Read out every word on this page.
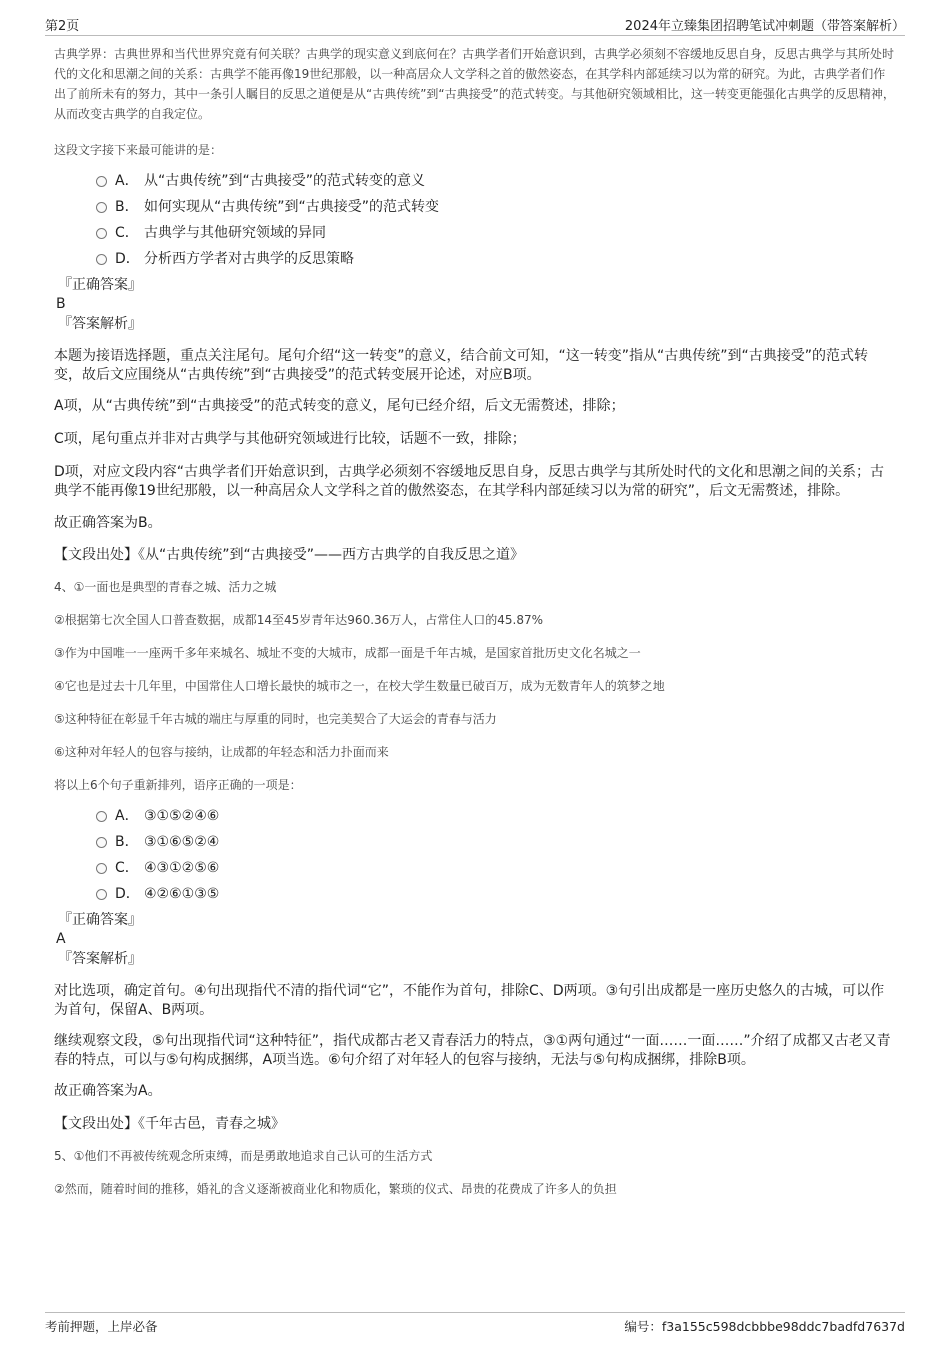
第2页	2024年立臻集团招聘笔试冲刺题（带答案解析）

古典学界：古典世界和当代世界究竟有何关联？古典学的现实意义到底何在？古典学者们开始意识到，古典学必须刻不容缓地反思自身，反思古典学与其所处时代的文化和思潮之间的关系：古典学不能再像19世纪那般，以一种高居众人文学科之首的傲然姿态，在其学科内部延续习以为常的研究。为此，古典学者们作出了前所未有的努力，其中一条引人瞩目的反思之道便是从“古典传统”到“古典接受”的范式转变。与其他研究领域相比，这一转变更能强化古典学的反思精神，从而改变古典学的自我定位。

这段文字接下来最可能讲的是：

A． 从“古典传统”到“古典接受”的范式转变的意义
B． 如何实现从“古典传统”到“古典接受”的范式转变
C． 古典学与其他研究领域的异同
D． 分析西方学者对古典学的反思策略

『正确答案』

B

『答案解析』

本题为接语选择题，重点关注尾句。尾句介绍“这一转变”的意义，结合前文可知，“这一转变”指从“古典传统”到“古典接受”的范式转变，故后文应围绕从“古典传统”到“古典接受”的范式转变展开论述，对应B项。

A项，从“古典传统”到“古典接受”的范式转变的意义，尾句已经介绍，后文无需赘述，排除；

C项，尾句重点并非对古典学与其他研究领域进行比较，话题不一致，排除；

D项，对应文段内容“古典学者们开始意识到，古典学必须刻不容缓地反思自身，反思古典学与其所处时代的文化和思潮之间的关系；古典学不能再像19世纪那般，以一种高居众人文学科之首的傲然姿态，在其学科内部延续习以为常的研究”，后文无需赘述，排除。

故正确答案为B。

【文段出处】《从“古典传统”到“古典接受”——西方古典学的自我反思之道》

4、①一面也是典型的青春之城、活力之城

②根据第七次全国人口普查数据，成都14至45岁青年达960.36万人，占常住人口的45.87%

③作为中国唯一一座两千多年来城名、城址不变的大城市，成都一面是千年古城，是国家首批历史文化名城之一

④它也是过去十几年里，中国常住人口增长最快的城市之一，在校大学生数量已破百万，成为无数青年人的筑梦之地

⑤这种特征在彰显千年古城的端庄与厚重的同时，也完美契合了大运会的青春与活力

⑥这种对年轻人的包容与接纳，让成都的年轻态和活力扑面而来

将以上6个句子重新排列，语序正确的一项是：

A． ③①⑤②④⑥
B． ③①⑥⑤②④
C． ④③①②⑤⑥
D． ④②⑥①③⑤

『正确答案』

A

『答案解析』

对比选项，确定首句。④句出现指代不清的指代词“它”，不能作为首句，排除C、D两项。③句引出成都是一座历史悠久的古城，可以作为首句，保留A、B两项。

继续观察文段，⑤句出现指代词“这种特征”，指代成都古老又青春活力的特点，③①两句通过“一面……一面……”介绍了成都又古老又青春的特点，可以与⑤句构成捆绑，A项当选。⑥句介绍了对年轻人的包容与接纳，无法与⑤句构成捆绑，排除B项。

故正确答案为A。

【文段出处】《千年古邑，青春之城》

5、①他们不再被传统观念所束缚，而是勇敢地追求自己认可的生活方式

②然而，随着时间的推移，婚礼的含义逐渐被商业化和物质化，繁琐的仪式、昂贵的花费成了许多人的负担

考前押题，上岸必备	编号：f3a155c598dcbbbe98ddc7badfd7637d
